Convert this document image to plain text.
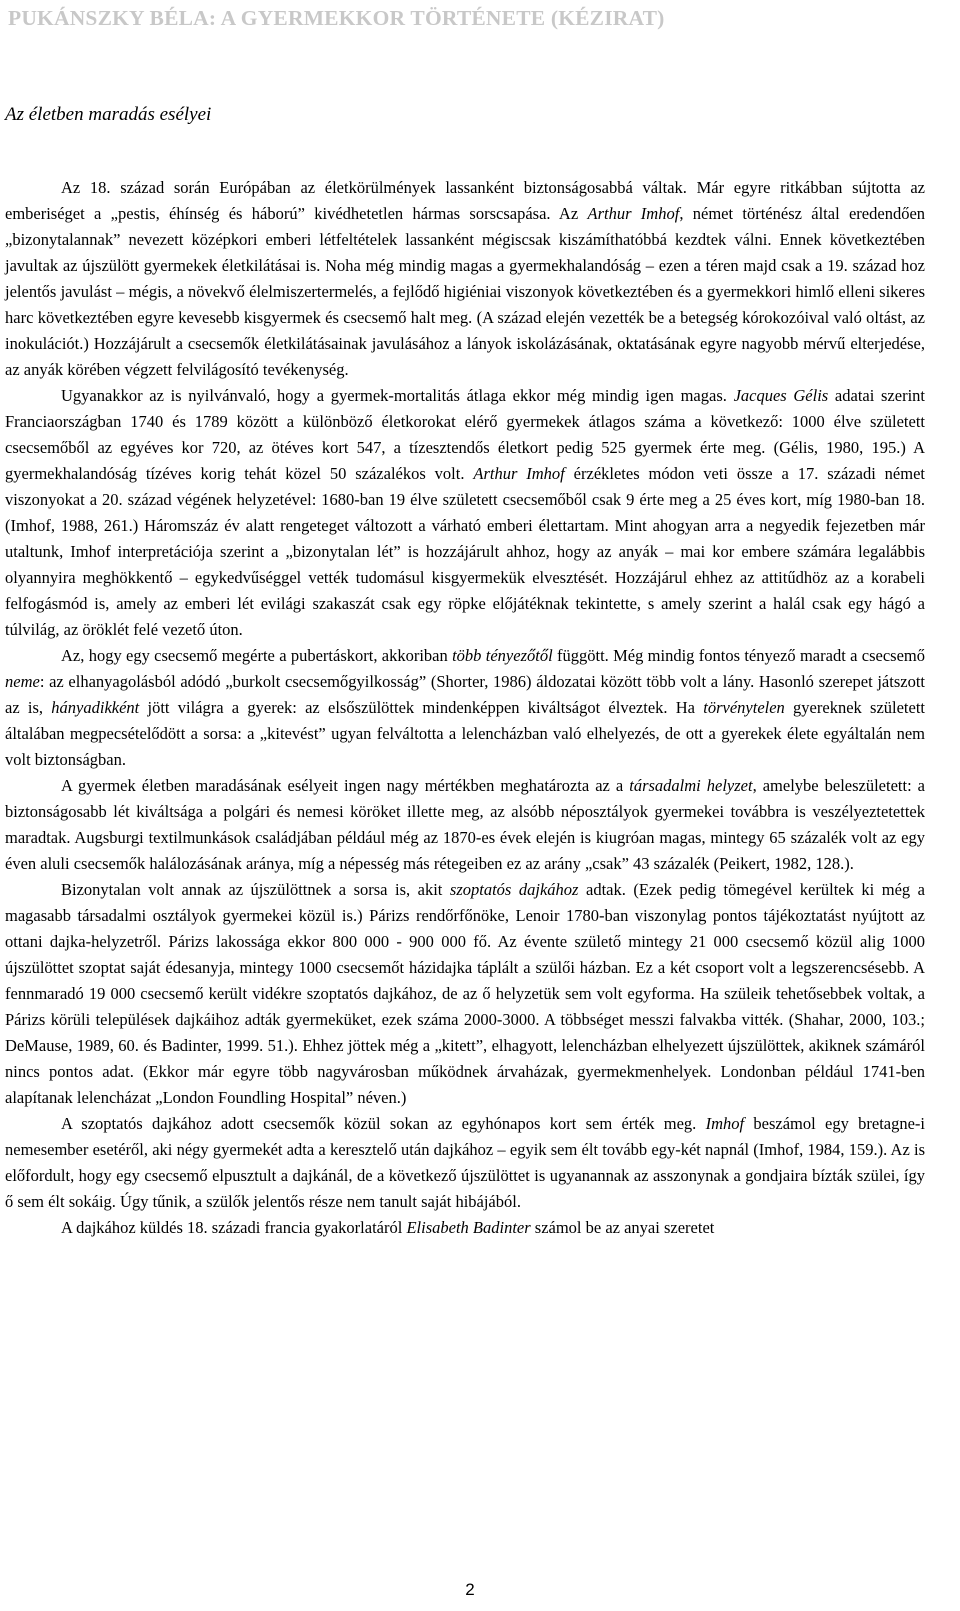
PUKÁNSZKY BÉLA: A GYERMEKKOR TÖRTÉNETE (KÉZIRAT)
Az életben maradás esélyei

Az 18. század során Európában az életkörülmények lassanként biztonságosabbá váltak. Már egyre ritkábban sújtotta az emberiséget a „pestis, éhínség és háború” kivédhetetlen hármas sorscsapása. Az Arthur Imhof, német történész által eredendően „bizonytalannak” nevezett középkori emberi létfeltételek lassanként mégiscsak kiszámíthatóbbá kezdtek válni. Ennek következtében javultak az újszülött gyermekek életkilátásai is. Noha még mindig magas a gyermekhalandóság – ezen a téren majd csak a 19. század hoz jelentős javulást – mégis, a növekvő élelmiszertermelés, a fejlődő higiéniai viszonyok következtében és a gyermekkori himlő elleni sikeres harc következtében egyre kevesebb kisgyermek és csecsemő halt meg. (A század elején vezették be a betegség kórokozóival való oltást, az inokulációt.) Hozzájárult a csecsemők életkilátásainak javulásához a lányok iskolázásának, oktatásának egyre nagyobb mérvű elterjedése, az anyák körében végzett felvilágosító tevékenység.

Ugyanakkor az is nyilvánvaló, hogy a gyermek-mortalitás átlaga ekkor még mindig igen magas. Jacques Gélis adatai szerint Franciaországban 1740 és 1789 között a különböző életkorokat elérő gyermekek átlagos száma a következő: 1000 élve született csecsemőből az egyéves kor 720, az ötéves kort 547, a tízesztendős életkort pedig 525 gyermek érte meg. (Gélis, 1980, 195.) A gyermekhalandóság tízéves korig tehát közel 50 százalékos volt. Arthur Imhof érzékletes módon veti össze a 17. századi német viszonyokat a 20. század végének helyzetével: 1680-ban 19 élve született csecsemőből csak 9 érte meg a 25 éves kort, míg 1980-ban 18. (Imhof, 1988, 261.) Háromszáz év alatt rengeteget változott a várható emberi élettartam. Mint ahogyan arra a negyedik fejezetben már utaltunk, Imhof interpretációja szerint a „bizonytalan lét” is hozzájárult ahhoz, hogy az anyák – mai kor embere számára legalábbis olyannyira meghökkentő – egykedvűséggel vették tudomásul kisgyermekük elvesztését. Hozzájárul ehhez az attitűdhöz az a korabeli felfogásmód is, amely az emberi lét evilági szakaszát csak egy röpke előjátéknak tekintette, s amely szerint a halál csak egy hágó a túlvilág, az öröklét felé vezető úton.

Az, hogy egy csecsemő megérte a pubertáskort, akkoriban több tényezőtől függött. Még mindig fontos tényező maradt a csecsemő neme: az elhanyagolásból adódó „burkolt csecsemőgyilkosság” (Shorter, 1986) áldozatai között több volt a lány. Hasonló szerepet játszott az is, hányadikként jött világra a gyerek: az elsőszülöttek mindenképpen kiváltságot élveztek. Ha törvénytelen gyereknek született általában megpecsételődött a sorsa: a „kitevést” ugyan felváltotta a lelencházban való elhelyezés, de ott a gyerekek élete egyáltalán nem volt biztonságban.

A gyermek életben maradásának esélyeit ingen nagy mértékben meghatározta az a társadalmi helyzet, amelybe beleszületett: a biztonságosabb lét kiváltsága a polgári és nemesi köröket illette meg, az alsóbb néposztályok gyermekei továbbra is veszélyeztetettek maradtak. Augsburgi textilmunkások családjában például még az 1870-es évek elején is kiugróan magas, mintegy 65 százalék volt az egy éven aluli csecsemők halálozásának aránya, míg a népesség más rétegeiben ez az arány „csak” 43 százalék (Peikert, 1982, 128.).

Bizonytalan volt annak az újszülöttnek a sorsa is, akit szoptatós dajkához adtak. (Ezek pedig tömegével kerültek ki még a magasabb társadalmi osztályok gyermekei közül is.) Párizs rendőrfőnöke, Lenoir 1780-ban viszonylag pontos tájékoztatást nyújtott az ottani dajka-helyzetről. Párizs lakossága ekkor 800 000 - 900 000 fő. Az évente születő mintegy 21 000 csecsemő közül alig 1000 újszülöttet szoptat saját édesanyja, mintegy 1000 csecsemőt házidajka táplált a szülői házban. Ez a két csoport volt a legszerencsésebb. A fennmaradó 19 000 csecsemő került vidékre szoptatós dajkához, de az ő helyzetük sem volt egyforma. Ha szüleik tehetősebbek voltak, a Párizs körüli települések dajkáihoz adták gyermeküket, ezek száma 2000-3000. A többséget messzi falvakba vitték. (Shahar, 2000, 103.; DeMause, 1989, 60. és Badinter, 1999. 51.). Ehhez jöttek még a „kitett”, elhagyott, lelencházban elhelyezett újszülöttek, akiknek számáról nincs pontos adat. (Ekkor már egyre több nagyvárosban működnek árvaházak, gyermekmenhelyek. Londonban például 1741-ben alapítanak lelencházat „London Foundling Hospital” néven.)

A szoptatós dajkához adott csecsemők közül sokan az egyhónapos kort sem érték meg. Imhof beszámol egy bretagne-i nemesember esetéről, aki négy gyermekét adta a keresztelő után dajkához – egyik sem élt tovább egy-két napnál (Imhof, 1984, 159.). Az is előfordult, hogy egy csecsemő elpusztult a dajkánál, de a következő újszülöttet is ugyanannak az asszonynak a gondjaira bízták szülei, így ő sem élt sokáig. Úgy tűnik, a szülők jelentős része nem tanult saját hibájából.

A dajkához küldés 18. századi francia gyakorlatáról Elisabeth Badinter számol be az anyai szeretet

2
